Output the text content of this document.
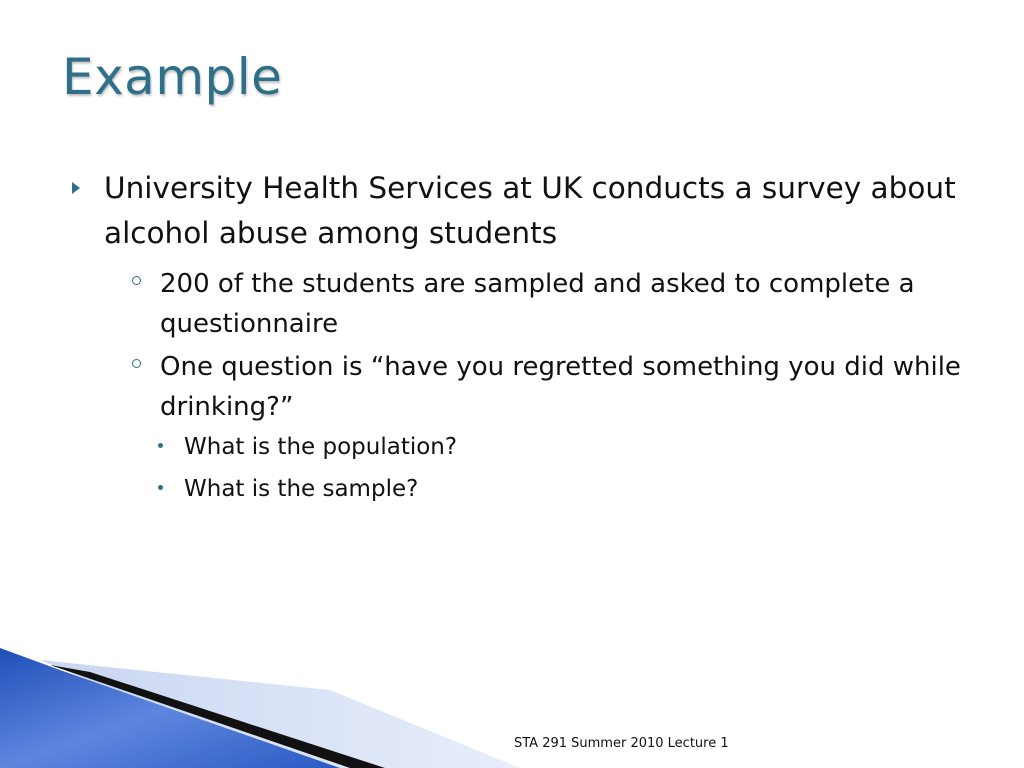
Example
University Health Services at UK conducts a survey about alcohol abuse among students
200 of the students are sampled and asked to complete a questionnaire
One question is “have you regretted something you did while drinking?”
What is the population?
What is the sample?
STA 291 Summer 2010 Lecture 1
